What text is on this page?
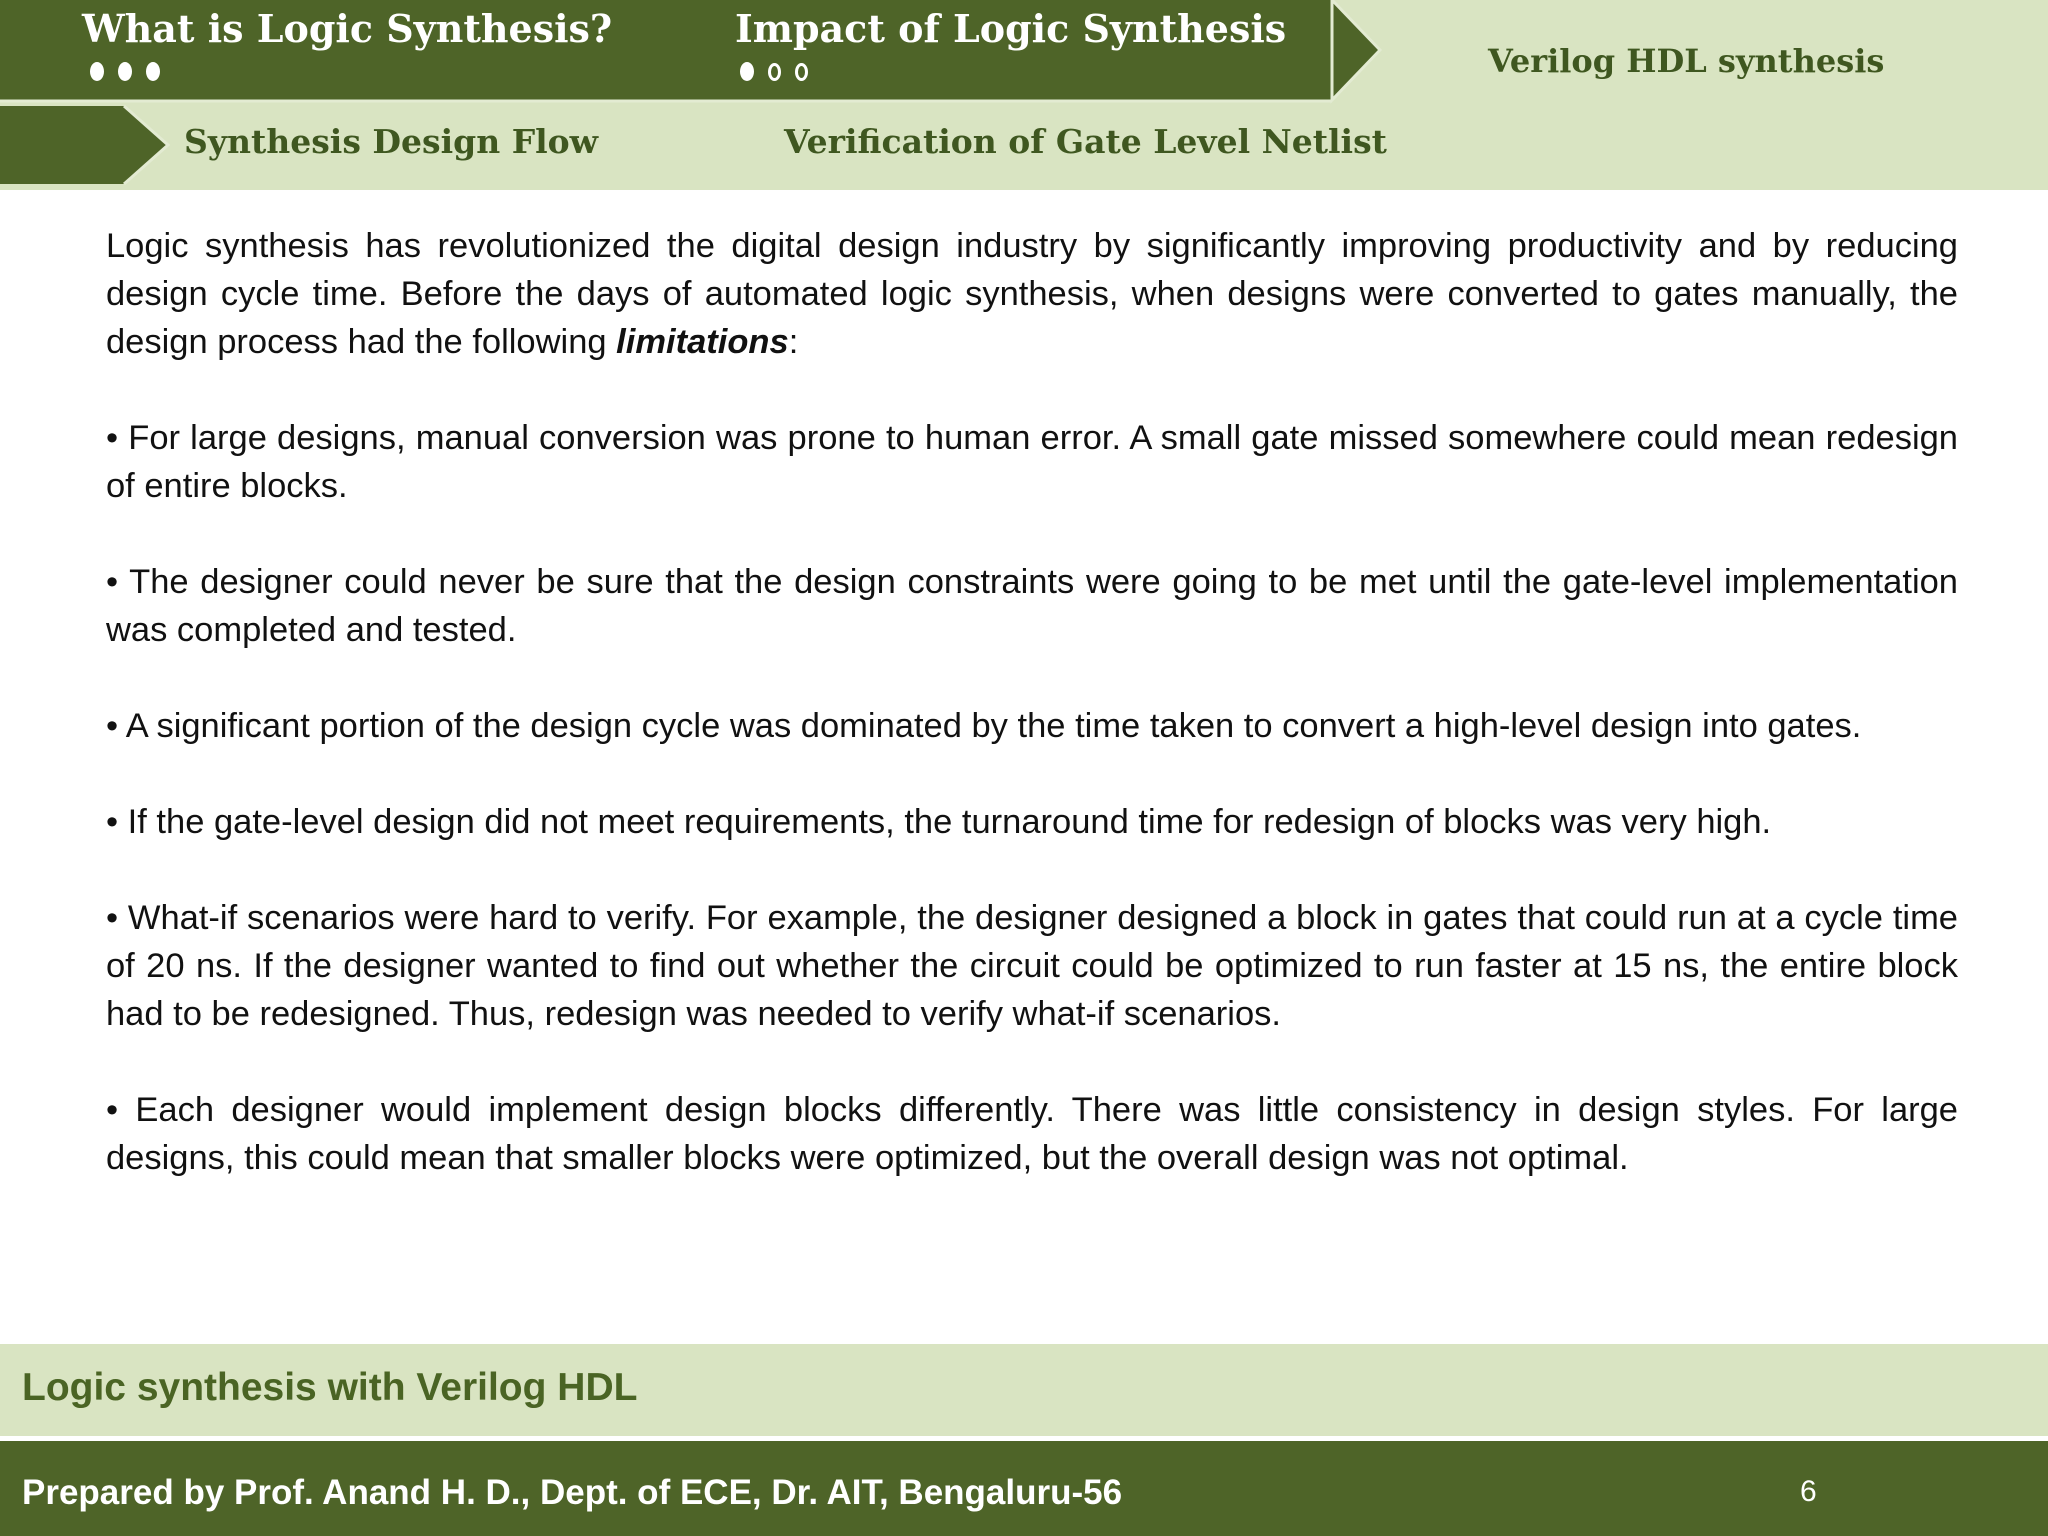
What is Logic Synthesis?	Impact of Logic Synthesis
Verilog HDL synthesis
Synthesis Design Flow	Verification of Gate Level Netlist

Logic synthesis has revolutionized the digital design industry by significantly improving productivity and by reducing design cycle time. Before the days of automated logic synthesis, when designs were converted to gates manually, the design process had the following limitations:

• For large designs, manual conversion was prone to human error. A small gate missed somewhere could mean redesign of entire blocks.

• The designer could never be sure that the design constraints were going to be met until the gate-level implementation was completed and tested.

• A significant portion of the design cycle was dominated by the time taken to convert a high-level design into gates.

• If the gate-level design did not meet requirements, the turnaround time for redesign of blocks was very high.

• What-if scenarios were hard to verify. For example, the designer designed a block in gates that could run at a cycle time of 20 ns. If the designer wanted to find out whether the circuit could be optimized to run faster at 15 ns, the entire block had to be redesigned. Thus, redesign was needed to verify what-if scenarios.

• Each designer would implement design blocks differently. There was little consistency in design styles. For large designs, this could mean that smaller blocks were optimized, but the overall design was not optimal.

Logic synthesis with Verilog HDL
Prepared by Prof. Anand H. D., Dept. of ECE, Dr. AIT, Bengaluru-56	6
